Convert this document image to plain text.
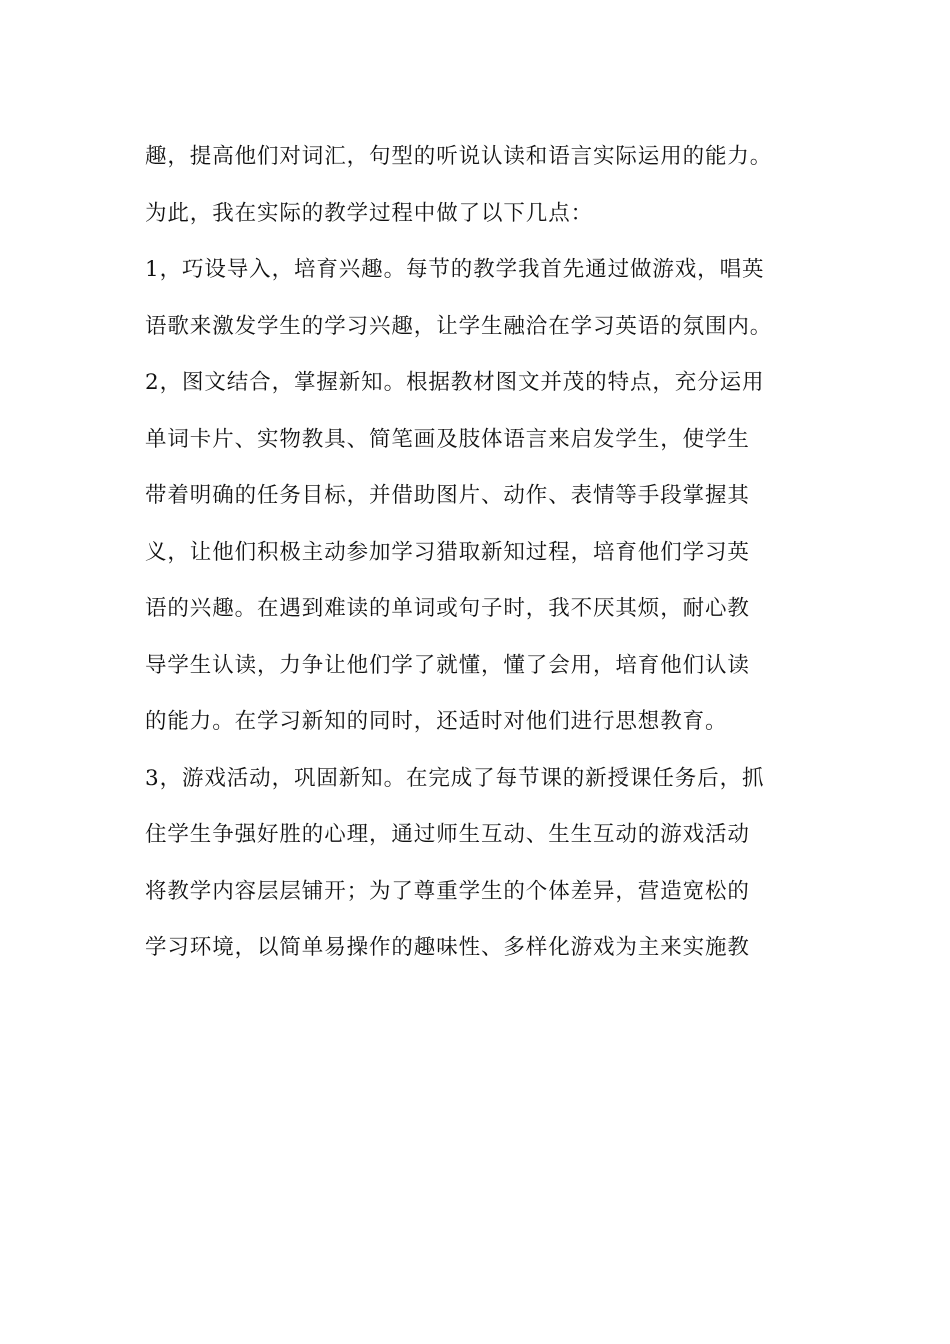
趣，提高他们对词汇，句型的听说认读和语言实际运用的能力。
为此，我在实际的教学过程中做了以下几点：
1，巧设导入，培育兴趣。每节的教学我首先通过做游戏，唱英
语歌来激发学生的学习兴趣，让学生融洽在学习英语的氛围内。
2，图文结合，掌握新知。根据教材图文并茂的特点，充分运用
单词卡片、实物教具、简笔画及肢体语言来启发学生，使学生
带着明确的任务目标，并借助图片、动作、表情等手段掌握其
义，让他们积极主动参加学习猎取新知过程，培育他们学习英
语的兴趣。在遇到难读的单词或句子时，我不厌其烦，耐心教
导学生认读，力争让他们学了就懂，懂了会用，培育他们认读
的能力。在学习新知的同时，还适时对他们进行思想教育。
3，游戏活动，巩固新知。在完成了每节课的新授课任务后，抓
住学生争强好胜的心理，通过师生互动、生生互动的游戏活动
将教学内容层层铺开；为了尊重学生的个体差异，营造宽松的
学习环境，以简单易操作的趣味性、多样化游戏为主来实施教
